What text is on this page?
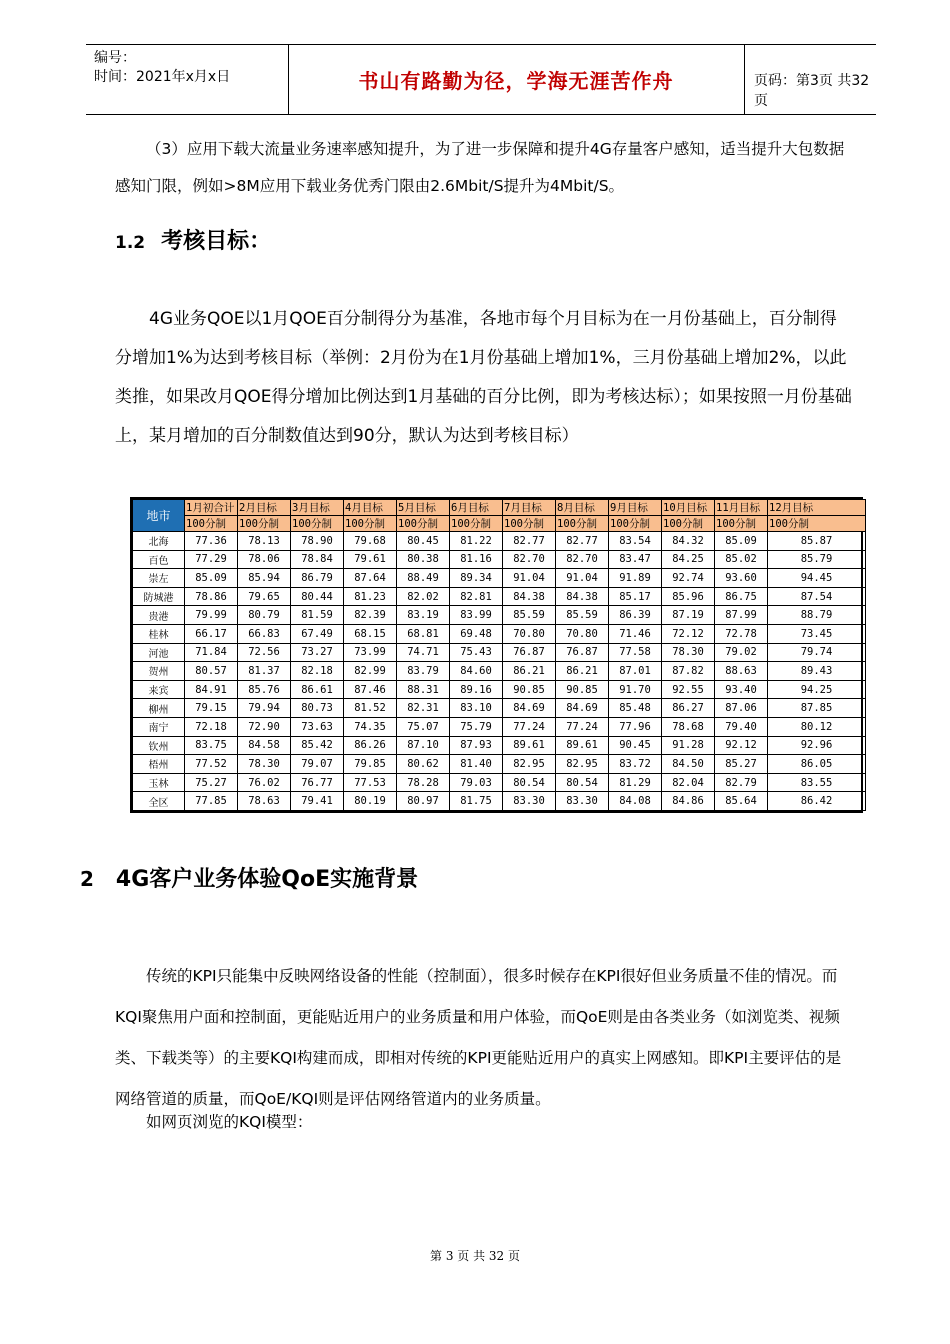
编号：
时间：2021年x月x日	书山有路勤为径，学海无涯苦作舟	页码：第3页 共32页
（3）应用下载大流量业务速率感知提升，为了进一步保障和提升4G存量客户感知，适当提升大包数据感知门限，例如>8M应用下载业务优秀门限由2.6Mbit/S提升为4Mbit/S。
1.2 考核目标：
4G业务QOE以1月QOE百分制得分为基准，各地市每个月目标为在一月份基础上，百分制得分增加1%为达到考核目标（举例：2月份为在1月份基础上增加1%，三月份基础上增加2%，以此类推，如果改月QOE得分增加比例达到1月基础的百分比例，即为考核达标）；如果按照一月份基础上，某月增加的百分制数值达到90分，默认为达到考核目标）
地市	1月初合计	2月目标	3月目标	4月目标	5月目标	6月目标	7月目标	8月目标	9月目标	10月目标	11月目标	12月目标
	100分制	100分制	100分制	100分制	100分制	100分制	100分制	100分制	100分制	100分制	100分制	100分制
北海	77.36	78.13	78.90	79.68	80.45	81.22	82.77	82.77	83.54	84.32	85.09	85.87
百色	77.29	78.06	78.84	79.61	80.38	81.16	82.70	82.70	83.47	84.25	85.02	85.79
崇左	85.09	85.94	86.79	87.64	88.49	89.34	91.04	91.04	91.89	92.74	93.60	94.45
防城港	78.86	79.65	80.44	81.23	82.02	82.81	84.38	84.38	85.17	85.96	86.75	87.54
贵港	79.99	80.79	81.59	82.39	83.19	83.99	85.59	85.59	86.39	87.19	87.99	88.79
桂林	66.17	66.83	67.49	68.15	68.81	69.48	70.80	70.80	71.46	72.12	72.78	73.45
河池	71.84	72.56	73.27	73.99	74.71	75.43	76.87	76.87	77.58	78.30	79.02	79.74
贺州	80.57	81.37	82.18	82.99	83.79	84.60	86.21	86.21	87.01	87.82	88.63	89.43
来宾	84.91	85.76	86.61	87.46	88.31	89.16	90.85	90.85	91.70	92.55	93.40	94.25
柳州	79.15	79.94	80.73	81.52	82.31	83.10	84.69	84.69	85.48	86.27	87.06	87.85
南宁	72.18	72.90	73.63	74.35	75.07	75.79	77.24	77.24	77.96	78.68	79.40	80.12
钦州	83.75	84.58	85.42	86.26	87.10	87.93	89.61	89.61	90.45	91.28	92.12	92.96
梧州	77.52	78.30	79.07	79.85	80.62	81.40	82.95	82.95	83.72	84.50	85.27	86.05
玉林	75.27	76.02	76.77	77.53	78.28	79.03	80.54	80.54	81.29	82.04	82.79	83.55
全区	77.85	78.63	79.41	80.19	80.97	81.75	83.30	83.30	84.08	84.86	85.64	86.42
2 4G客户业务体验QoE实施背景
传统的KPI只能集中反映网络设备的性能（控制面），很多时候存在KPI很好但业务质量不佳的情况。而KQI聚焦用户面和控制面，更能贴近用户的业务质量和用户体验，而QoE则是由各类业务（如浏览类、视频类、下载类等）的主要KQI构建而成，即相对传统的KPI更能贴近用户的真实上网感知。即KPI主要评估的是网络管道的质量，而QoE/KQI则是评估网络管道内的业务质量。
如网页浏览的KQI模型：
第 3 页 共 32 页
